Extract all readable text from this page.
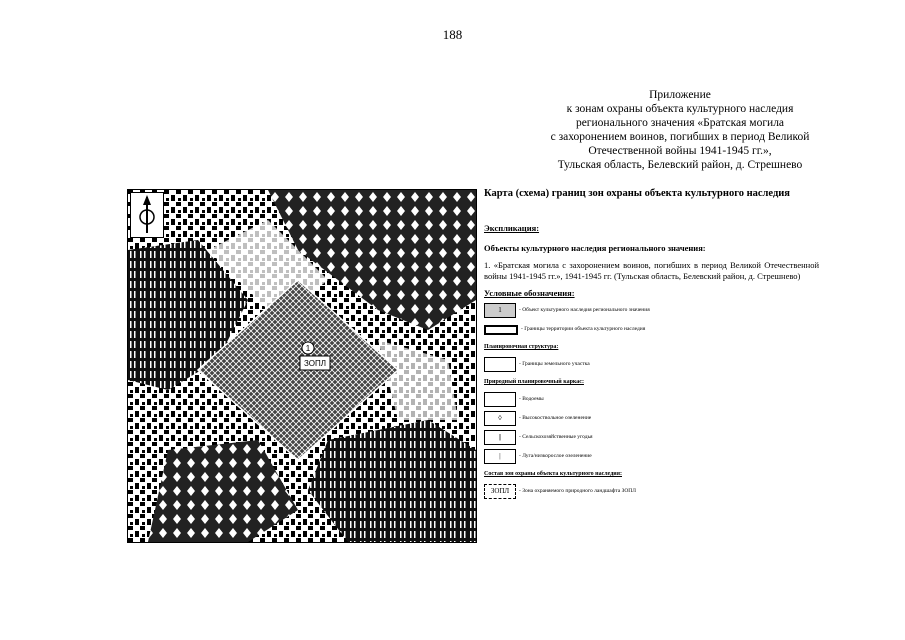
188
Приложение
к зонам охраны объекта культурного наследия
регионального значения «Братская могила
с захоронением воинов, погибших в период Великой
Отечественной войны 1941-1945 гг.»,
Тульская область, Белевский район, д. Стрешнево
ЗОПЛ
1
Карта (схема) границ зон охраны объекта культурного наследия
Экспликация:
Объекты культурного наследия регионального значения:
1. «Братская могила с захоронением воинов, погибших в период Великой Отечественной войны 1941-1945 гг.», 1941-1945 гг. (Тульская область, Белевский район, д. Стрешнево)
Условные обозначения:
1	- Объект культурного наследия регионального значения
- Границы территории объекта культурного наследия
Планировочная структура:
- Границы земельного участка
Природный планировочный каркас:
- Водоемы
◊	- Высокоствольное озеленение
||	- Сельскохозяйственные угодья
|	- Луга/низкорослое озеленение
Состав зон охраны объекта культурного наследия:
ЗОПЛ - Зона охраняемого природного ландшафта ЗОПЛ
